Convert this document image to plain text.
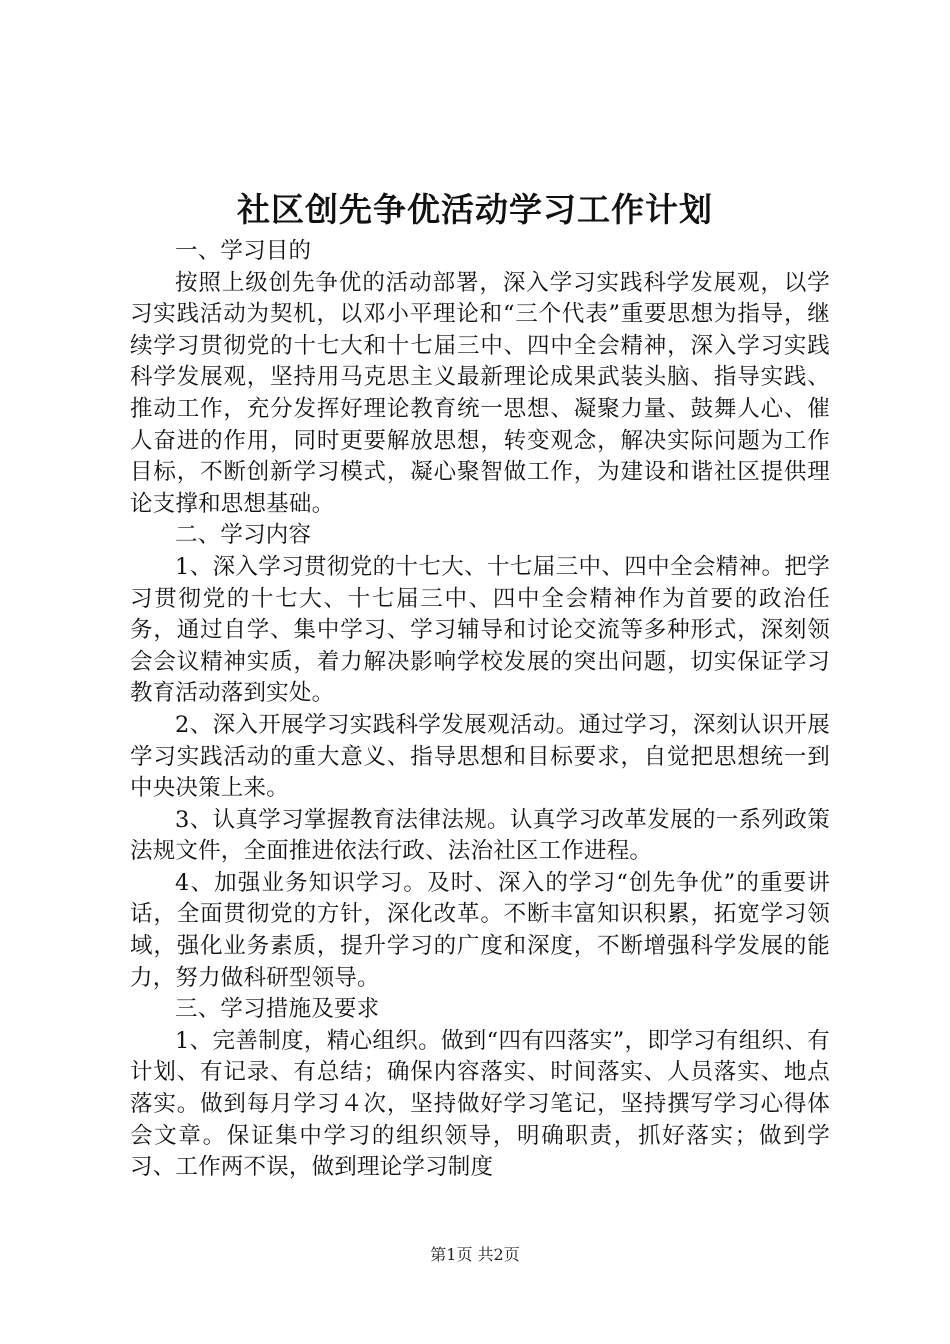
社区创先争优活动学习工作计划

一、学习目的

按照上级创先争优的活动部署，深入学习实践科学发展观，以学习实践活动为契机，以邓小平理论和“三个代表”重要思想为指导，继续学习贯彻党的十七大和十七届三中、四中全会精神，深入学习实践科学发展观，坚持用马克思主义最新理论成果武装头脑、指导实践、推动工作，充分发挥好理论教育统一思想、凝聚力量、鼓舞人心、催人奋进的作用，同时更要解放思想，转变观念，解决实际问题为工作目标，不断创新学习模式，凝心聚智做工作，为建设和谐社区提供理论支撑和思想基础。

二、学习内容

1、深入学习贯彻党的十七大、十七届三中、四中全会精神。把学习贯彻党的十七大、十七届三中、四中全会精神作为首要的政治任务，通过自学、集中学习、学习辅导和讨论交流等多种形式，深刻领会会议精神实质，着力解决影响学校发展的突出问题，切实保证学习教育活动落到实处。

2、深入开展学习实践科学发展观活动。通过学习，深刻认识开展学习实践活动的重大意义、指导思想和目标要求，自觉把思想统一到中央决策上来。

3、认真学习掌握教育法律法规。认真学习改革发展的一系列政策法规文件，全面推进依法行政、法治社区工作进程。

4、加强业务知识学习。及时、深入的学习“创先争优”的重要讲话，全面贯彻党的方针，深化改革。不断丰富知识积累，拓宽学习领域，强化业务素质，提升学习的广度和深度，不断增强科学发展的能力，努力做科研型领导。

三、学习措施及要求

1、完善制度，精心组织。做到“四有四落实”，即学习有组织、有计划、有记录、有总结；确保内容落实、时间落实、人员落实、地点落实。做到每月学习４次，坚持做好学习笔记，坚持撰写学习心得体会文章。保证集中学习的组织领导，明确职责，抓好落实；做到学习、工作两不误，做到理论学习制度

第1页 共2页
